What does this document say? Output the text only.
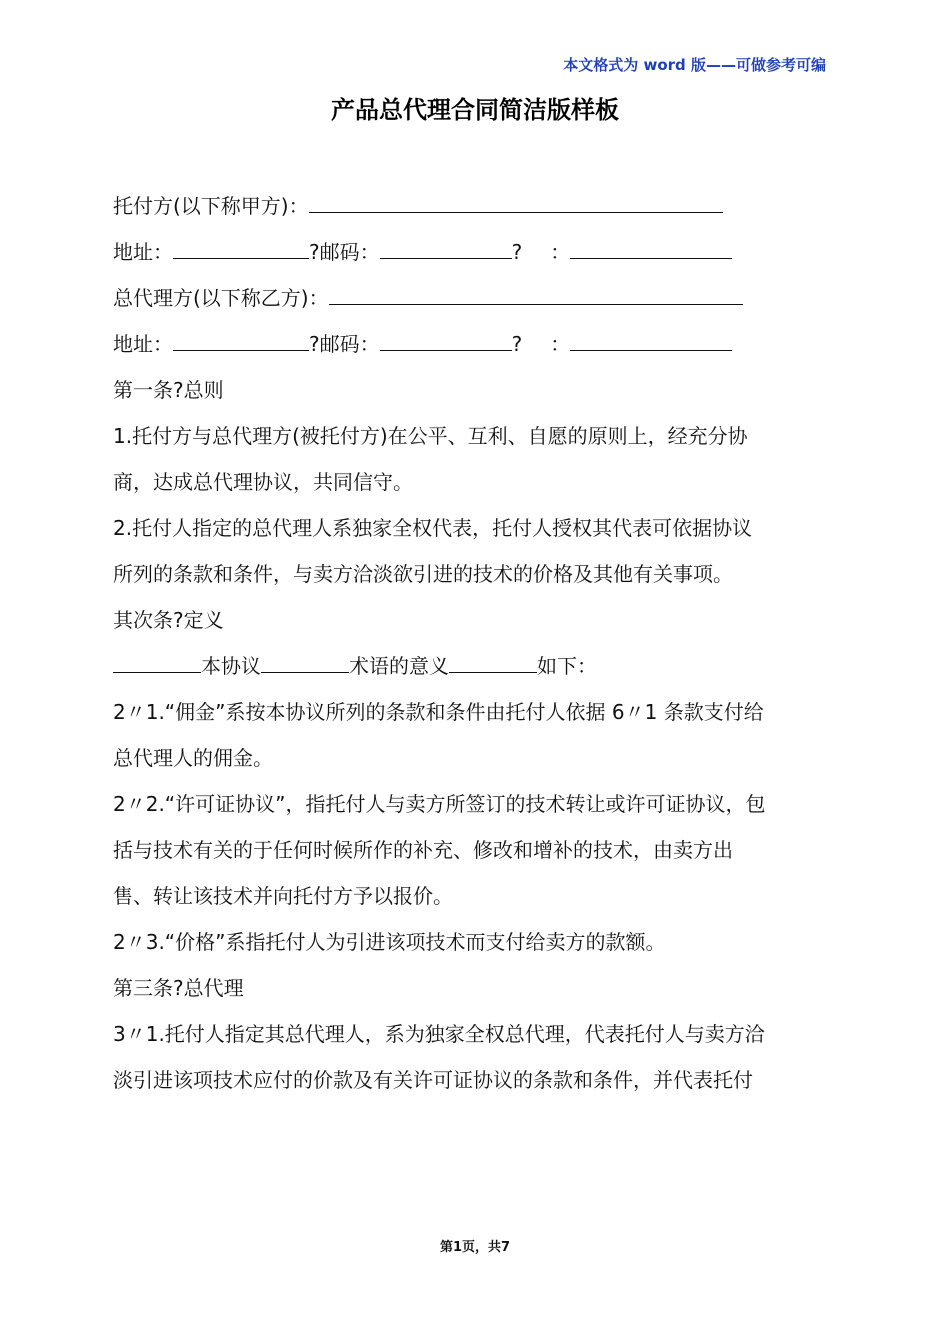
本文格式为 word 版——可做参考可编
产品总代理合同简洁版样板
托付方(以下称甲方)：
地址：	?邮码：	? ：
总代理方(以下称乙方)：
地址：	?邮码：	? ：
第一条?总则
1.托付方与总代理方(被托付方)在公平、互利、自愿的原则上，经充分协
商，达成总代理协议，共同信守。
2.托付人指定的总代理人系独家全权代表，托付人授权其代表可依据协议
所列的条款和条件，与卖方洽淡欲引进的技术的价格及其他有关事项。
其次条?定义
本协议	术语的意义	如下：
2〃1.“佣金”系按本协议所列的条款和条件由托付人依据 6〃1 条款支付给
总代理人的佣金。
2〃2.“许可证协议”，指托付人与卖方所签订的技术转让或许可证协议，包
括与技术有关的于任何时候所作的补充、修改和增补的技术，由卖方出
售、转让该技术并向托付方予以报价。
2〃3.“价格”系指托付人为引进该项技术而支付给卖方的款额。
第三条?总代理
3〃1.托付人指定其总代理人，系为独家全权总代理，代表托付人与卖方洽
淡引进该项技术应付的价款及有关许可证协议的条款和条件，并代表托付
第1页，共7
